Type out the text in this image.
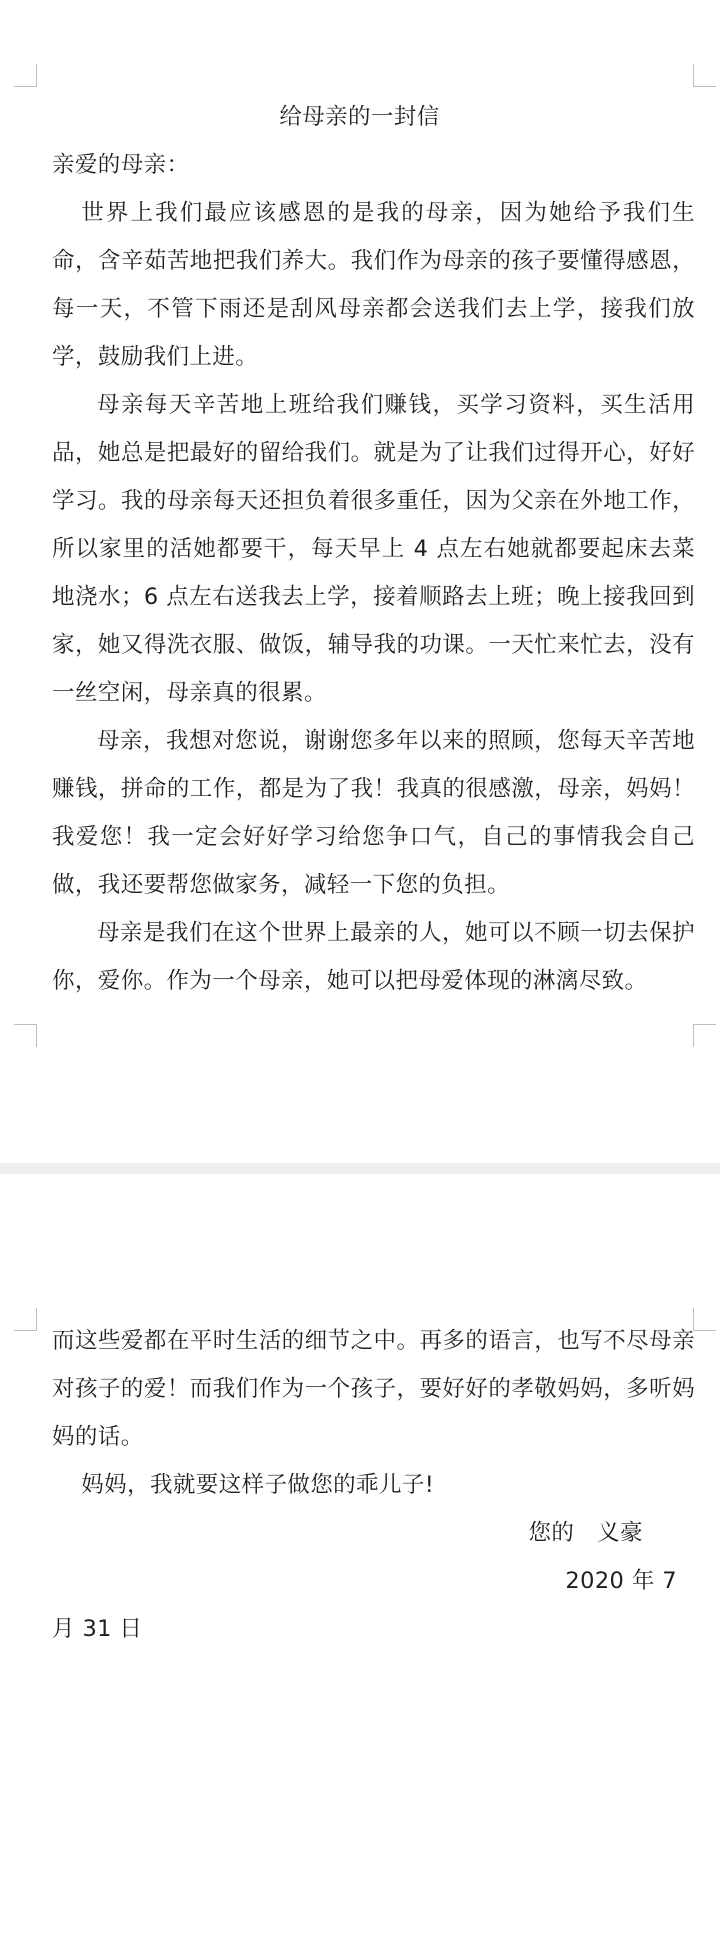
给母亲的一封信

亲爱的母亲：

世界上我们最应该感恩的是我的母亲，因为她给予我们生命，含辛茹苦地把我们养大。我们作为母亲的孩子要懂得感恩，每一天，不管下雨还是刮风母亲都会送我们去上学，接我们放学，鼓励我们上进。

母亲每天辛苦地上班给我们赚钱，买学习资料，买生活用品，她总是把最好的留给我们。就是为了让我们过得开心，好好学习。我的母亲每天还担负着很多重任，因为父亲在外地工作，所以家里的活她都要干，每天早上 4 点左右她就都要起床去菜地浇水；6 点左右送我去上学，接着顺路去上班；晚上接我回到家，她又得洗衣服、做饭，辅导我的功课。一天忙来忙去，没有一丝空闲，母亲真的很累。

母亲，我想对您说，谢谢您多年以来的照顾，您每天辛苦地赚钱，拼命的工作，都是为了我！我真的很感激，母亲，妈妈！我爱您！我一定会好好学习给您争口气，自己的事情我会自己做，我还要帮您做家务，减轻一下您的负担。

母亲是我们在这个世界上最亲的人，她可以不顾一切去保护你，爱你。作为一个母亲，她可以把母爱体现的淋漓尽致。

而这些爱都在平时生活的细节之中。再多的语言，也写不尽母亲对孩子的爱！而我们作为一个孩子，要好好的孝敬妈妈，多听妈妈的话。

妈妈，我就要这样子做您的乖儿子!

您的　义豪

2020 年 7

月 31 日
